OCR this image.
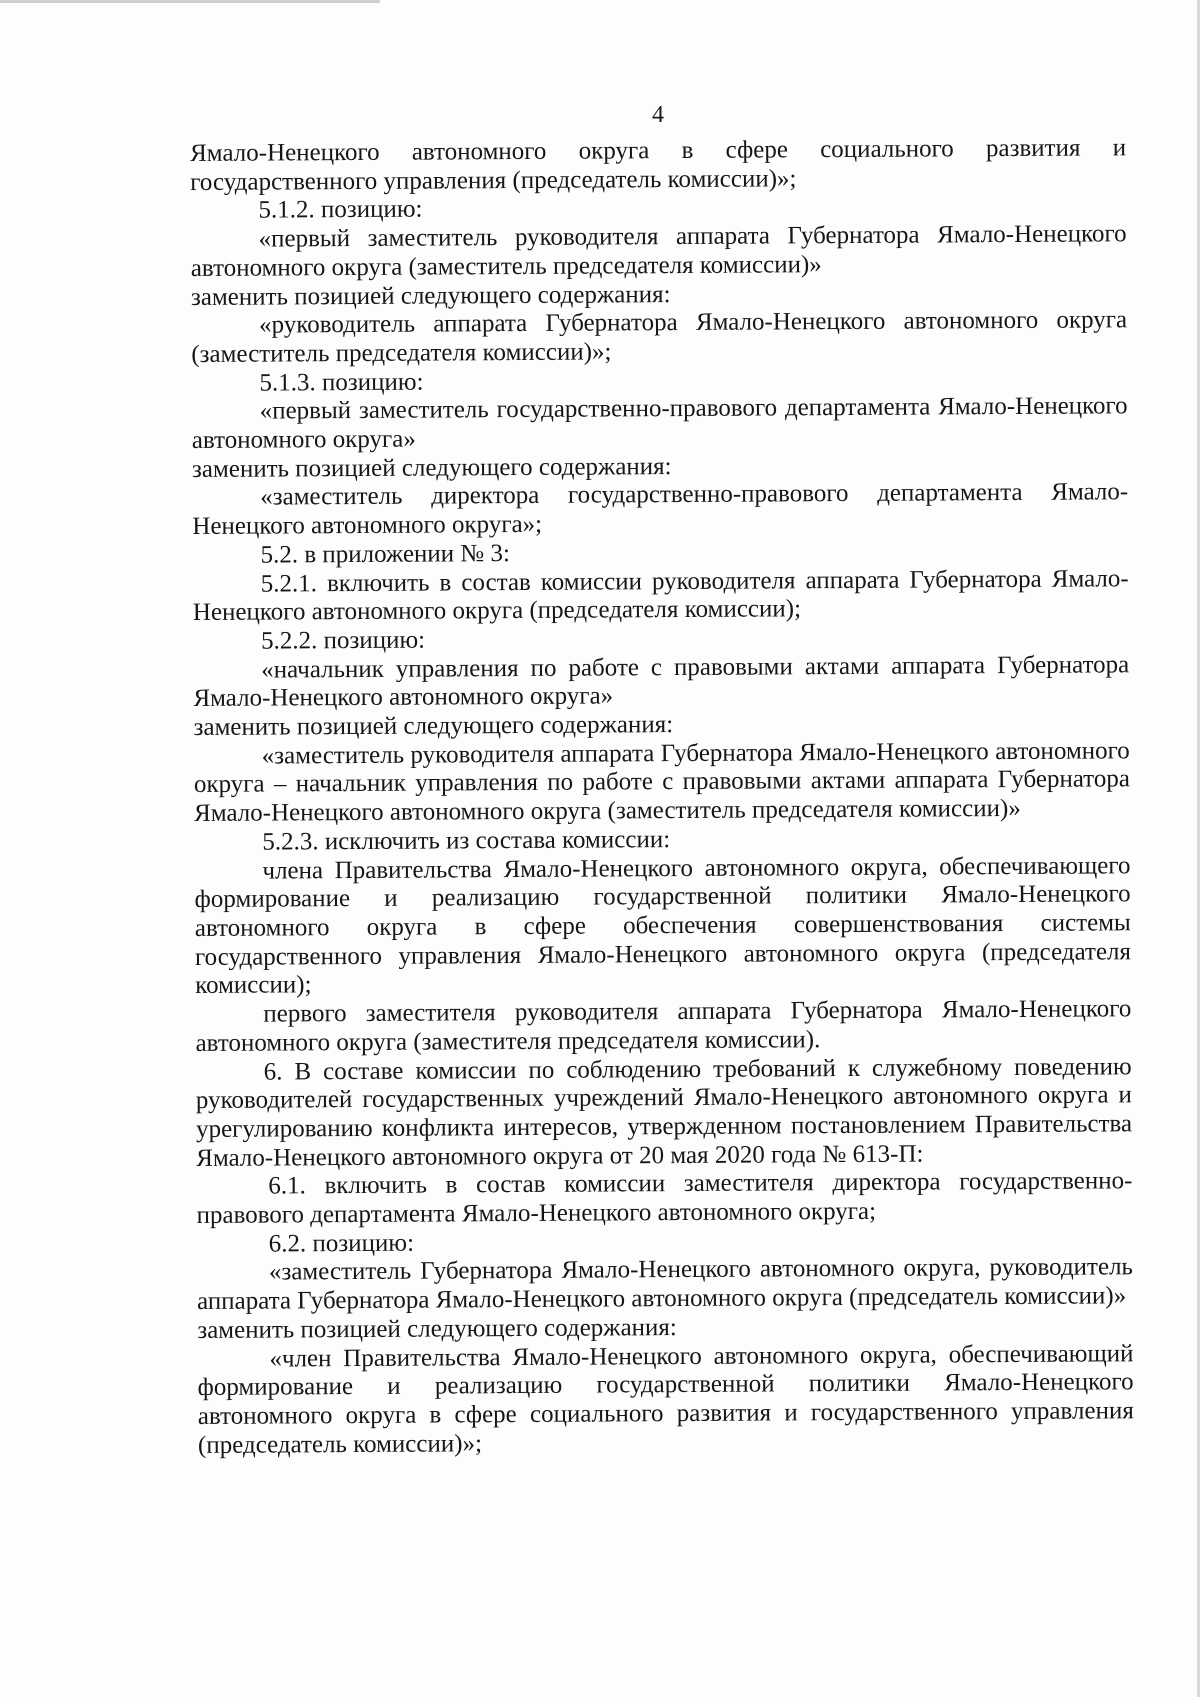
4

Ямало-Ненецкого автономного округа в сфере социального развития и государственного управления (председатель комиссии)»;

5.1.2. позицию:

«первый заместитель руководителя аппарата Губернатора Ямало-Ненецкого автономного округа (заместитель председателя комиссии)»

заменить позицией следующего содержания:

«руководитель аппарата Губернатора Ямало-Ненецкого автономного округа (заместитель председателя комиссии)»;

5.1.3. позицию:

«первый заместитель государственно-правового департамента Ямало-Ненецкого автономного округа»

заменить позицией следующего содержания:

«заместитель директора государственно-правового департамента Ямало-Ненецкого автономного округа»;

5.2. в приложении № 3:

5.2.1. включить в состав комиссии руководителя аппарата Губернатора Ямало-Ненецкого автономного округа (председателя комиссии);

5.2.2. позицию:

«начальник управления по работе с правовыми актами аппарата Губернатора Ямало-Ненецкого автономного округа»

заменить позицией следующего содержания:

«заместитель руководителя аппарата Губернатора Ямало-Ненецкого автономного округа – начальник управления по работе с правовыми актами аппарата Губернатора Ямало-Ненецкого автономного округа (заместитель председателя комиссии)»

5.2.3. исключить из состава комиссии:

члена Правительства Ямало-Ненецкого автономного округа, обеспечивающего формирование и реализацию государственной политики Ямало-Ненецкого автономного округа в сфере обеспечения совершенствования системы государственного управления Ямало-Ненецкого автономного округа (председателя комиссии);

первого заместителя руководителя аппарата Губернатора Ямало-Ненецкого автономного округа (заместителя председателя комиссии).

6. В составе комиссии по соблюдению требований к служебному поведению руководителей государственных учреждений Ямало-Ненецкого автономного округа и урегулированию конфликта интересов, утвержденном постановлением Правительства Ямало-Ненецкого автономного округа от 20 мая 2020 года № 613-П:

6.1. включить в состав комиссии заместителя директора государственно-правового департамента Ямало-Ненецкого автономного округа;

6.2. позицию:

«заместитель Губернатора Ямало-Ненецкого автономного округа, руководитель аппарата Губернатора Ямало-Ненецкого автономного округа (председатель комиссии)»

заменить позицией следующего содержания:

«член Правительства Ямало-Ненецкого автономного округа, обеспечивающий формирование и реализацию государственной политики Ямало-Ненецкого автономного округа в сфере социального развития и государственного управления (председатель комиссии)»;
